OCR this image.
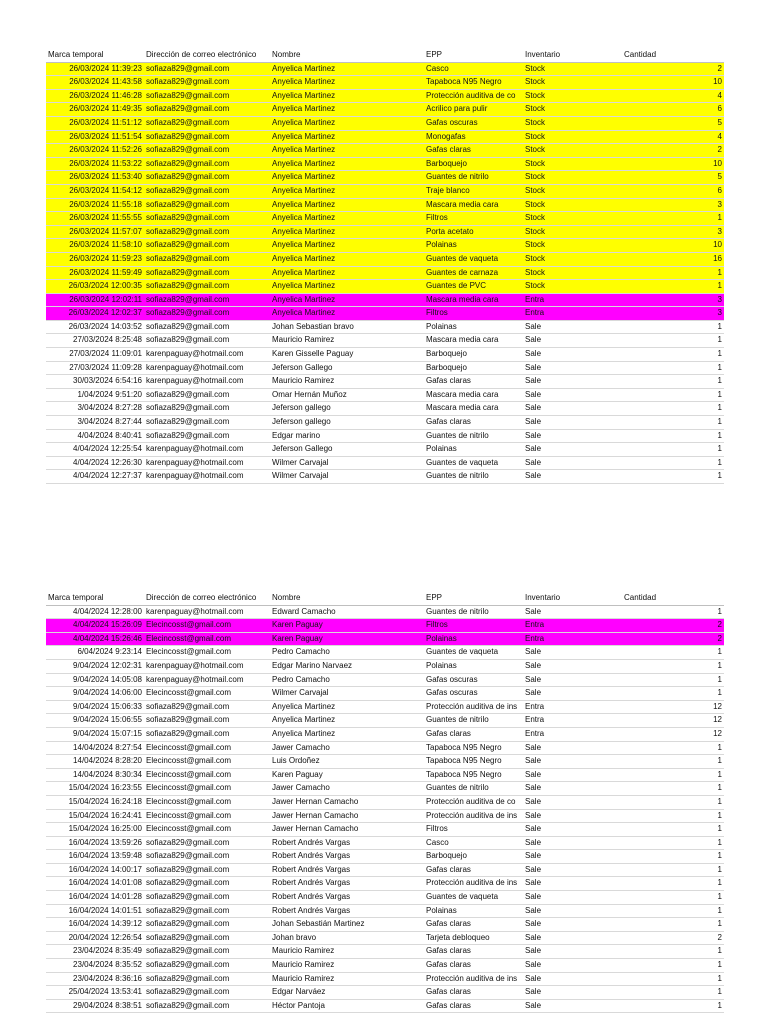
Marca temporal	Dirección de correo electrónico	Nombre	EPP	Inventario	Cantidad
26/03/2024 11:39:23	sofiaza829@gmail.com	Anyelica Martinez	Casco	Stock	2
26/03/2024 11:43:58	sofiaza829@gmail.com	Anyelica Martinez	Tapaboca N95 Negro	Stock	10
26/03/2024 11:46:28	sofiaza829@gmail.com	Anyelica Martinez	Protección auditiva de co	Stock	4
26/03/2024 11:49:35	sofiaza829@gmail.com	Anyelica Martinez	Acrilico para pulir	Stock	6
26/03/2024 11:51:12	sofiaza829@gmail.com	Anyelica Martinez	Gafas oscuras	Stock	5
26/03/2024 11:51:54	sofiaza829@gmail.com	Anyelica Martinez	Monogafas	Stock	4
26/03/2024 11:52:26	sofiaza829@gmail.com	Anyelica Martinez	Gafas claras	Stock	2
26/03/2024 11:53:22	sofiaza829@gmail.com	Anyelica Martinez	Barboquejo	Stock	10
26/03/2024 11:53:40	sofiaza829@gmail.com	Anyelica Martinez	Guantes de nitrilo	Stock	5
26/03/2024 11:54:12	sofiaza829@gmail.com	Anyelica Martinez	Traje blanco	Stock	6
26/03/2024 11:55:18	sofiaza829@gmail.com	Anyelica Martinez	Mascara media cara	Stock	3
26/03/2024 11:55:55	sofiaza829@gmail.com	Anyelica Martinez	Filtros	Stock	1
26/03/2024 11:57:07	sofiaza829@gmail.com	Anyelica Martinez	Porta acetato	Stock	3
26/03/2024 11:58:10	sofiaza829@gmail.com	Anyelica Martinez	Polainas	Stock	10
26/03/2024 11:59:23	sofiaza829@gmail.com	Anyelica Martinez	Guantes de vaqueta	Stock	16
26/03/2024 11:59:49	sofiaza829@gmail.com	Anyelica Martinez	Guantes de carnaza	Stock	1
26/03/2024 12:00:35	sofiaza829@gmail.com	Anyelica Martinez	Guantes de PVC	Stock	1
26/03/2024 12:02:11	sofiaza829@gmail.com	Anyelica Martinez	Mascara media cara	Entra	3
26/03/2024 12:02:37	sofiaza829@gmail.com	Anyelica Martinez	Filtros	Entra	3
26/03/2024 14:03:52	sofiaza829@gmail.com	Johan Sebastian bravo	Polainas	Sale	1
27/03/2024 8:25:48	sofiaza829@gmail.com	Mauricio Ramirez	Mascara media cara	Sale	1
27/03/2024 11:09:01	karenpaguay@hotmail.com	Karen Gisselle Paguay	Barboquejo	Sale	1
27/03/2024 11:09:28	karenpaguay@hotmail.com	Jeferson Gallego	Barboquejo	Sale	1
30/03/2024 6:54:16	karenpaguay@hotmail.com	Mauricio Ramirez	Gafas claras	Sale	1
1/04/2024 9:51:20	sofiaza829@gmail.com	Omar Hernán Muñoz	Mascara media cara	Sale	1
3/04/2024 8:27:28	sofiaza829@gmail.com	Jeferson gallego	Mascara media cara	Sale	1
3/04/2024 8:27:44	sofiaza829@gmail.com	Jeferson gallego	Gafas claras	Sale	1
4/04/2024 8:40:41	sofiaza829@gmail.com	Edgar marino	Guantes de nitrilo	Sale	1
4/04/2024 12:25:54	karenpaguay@hotmail.com	Jeferson Gallego	Polainas	Sale	1
4/04/2024 12:26:30	karenpaguay@hotmail.com	Wilmer Carvajal	Guantes de vaqueta	Sale	1
4/04/2024 12:27:37	karenpaguay@hotmail.com	Wilmer Carvajal	Guantes de nitrilo	Sale	1
Marca temporal	Dirección de correo electrónico	Nombre	EPP	Inventario	Cantidad
4/04/2024 12:28:00	karenpaguay@hotmail.com	Edward Camacho	Guantes de nitrilo	Sale	1
4/04/2024 15:26:09	Elecincosst@gmail.com	Karen Paguay	Filtros	Entra	2
4/04/2024 15:26:46	Elecincosst@gmail.com	Karen Paguay	Polainas	Entra	2
6/04/2024 9:23:14	Elecincosst@gmail.com	Pedro Camacho	Guantes de vaqueta	Sale	1
9/04/2024 12:02:31	karenpaguay@hotmail.com	Edgar Marino Narvaez	Polainas	Sale	1
9/04/2024 14:05:08	karenpaguay@hotmail.com	Pedro Camacho	Gafas oscuras	Sale	1
9/04/2024 14:06:00	Elecincosst@gmail.com	Wilmer Carvajal	Gafas oscuras	Sale	1
9/04/2024 15:06:33	sofiaza829@gmail.com	Anyelica Martinez	Protección auditiva de ins	Entra	12
9/04/2024 15:06:55	sofiaza829@gmail.com	Anyelica Martinez	Guantes de nitrilo	Entra	12
9/04/2024 15:07:15	sofiaza829@gmail.com	Anyelica Martinez	Gafas claras	Entra	12
14/04/2024 8:27:54	Elecincosst@gmail.com	Jawer Camacho	Tapaboca N95 Negro	Sale	1
14/04/2024 8:28:20	Elecincosst@gmail.com	Luis Ordoñez	Tapaboca N95 Negro	Sale	1
14/04/2024 8:30:34	Elecincosst@gmail.com	Karen Paguay	Tapaboca N95 Negro	Sale	1
15/04/2024 16:23:55	Elecincosst@gmail.com	Jawer Camacho	Guantes de nitrilo	Sale	1
15/04/2024 16:24:18	Elecincosst@gmail.com	Jawer Hernan Camacho	Protección auditiva de co	Sale	1
15/04/2024 16:24:41	Elecincosst@gmail.com	Jawer Hernan Camacho	Protección auditiva de ins	Sale	1
15/04/2024 16:25:00	Elecincosst@gmail.com	Jawer Hernan Camacho	Filtros	Sale	1
16/04/2024 13:59:26	sofiaza829@gmail.com	Robert Andrés Vargas	Casco	Sale	1
16/04/2024 13:59:48	sofiaza829@gmail.com	Robert Andrés Vargas	Barboquejo	Sale	1
16/04/2024 14:00:17	sofiaza829@gmail.com	Robert Andrés Vargas	Gafas claras	Sale	1
16/04/2024 14:01:08	sofiaza829@gmail.com	Robert Andrés Vargas	Protección auditiva de ins	Sale	1
16/04/2024 14:01:28	sofiaza829@gmail.com	Robert Andrés Vargas	Guantes de vaqueta	Sale	1
16/04/2024 14:01:51	sofiaza829@gmail.com	Robert Andrés Vargas	Polainas	Sale	1
16/04/2024 14:39:12	sofiaza829@gmail.com	Johan Sebastián Martinez	Gafas claras	Sale	1
20/04/2024 12:26:54	sofiaza829@gmail.com	Johan bravo	Tarjeta debloqueo	Sale	2
23/04/2024 8:35:49	sofiaza829@gmail.com	Mauricio Ramirez	Gafas claras	Sale	1
23/04/2024 8:35:52	sofiaza829@gmail.com	Mauricio Ramirez	Gafas claras	Sale	1
23/04/2024 8:36:16	sofiaza829@gmail.com	Mauricio Ramirez	Protección auditiva de ins	Sale	1
25/04/2024 13:53:41	sofiaza829@gmail.com	Edgar Narváez	Gafas claras	Sale	1
29/04/2024 8:38:51	sofiaza829@gmail.com	Héctor Pantoja	Gafas claras	Sale	1
